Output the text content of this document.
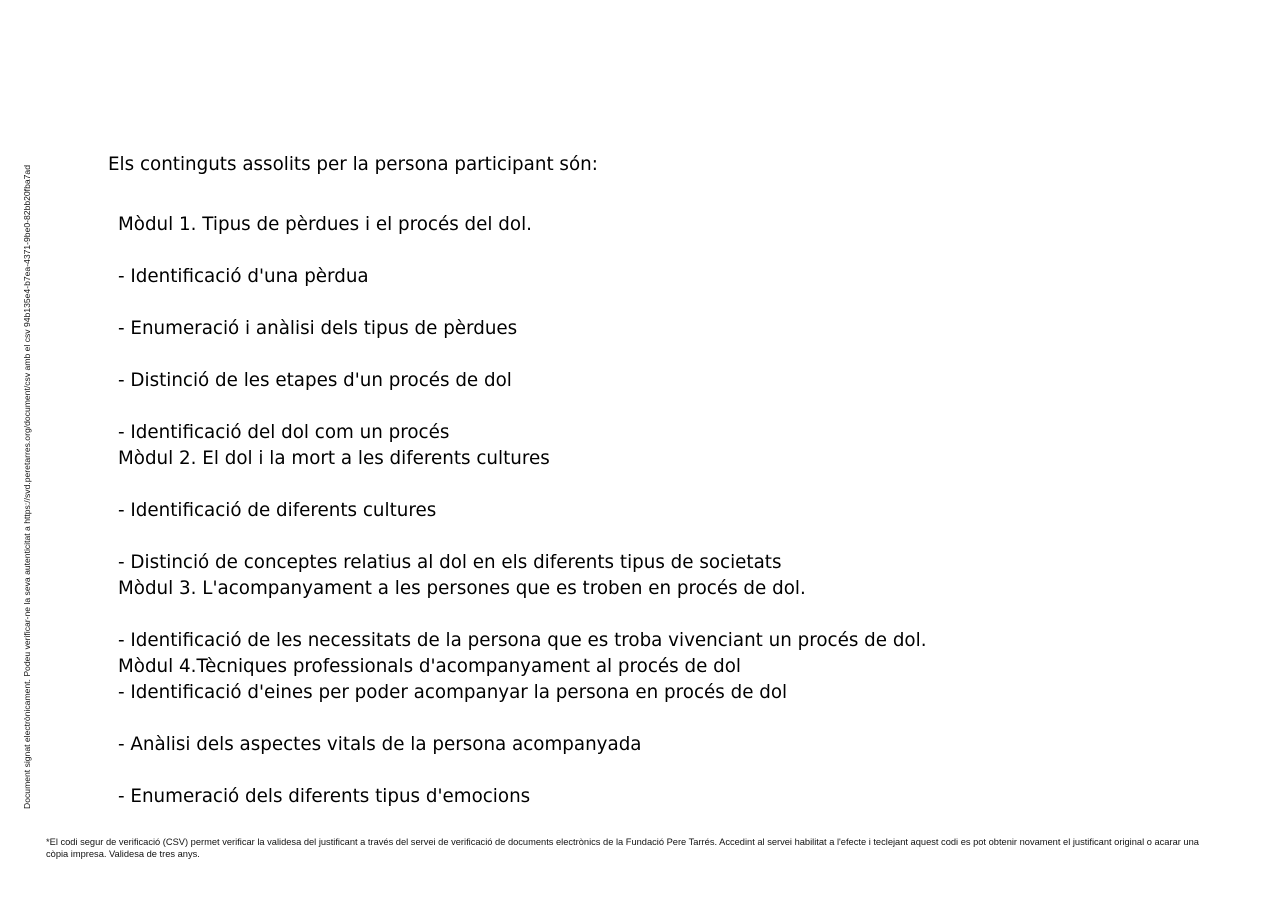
Document signat electrònicament. Podeu verificar-ne la seva autenticitat a https://svd.peretarres.org/document/csv amb el csv 94b135e4-b7ea-4371-9be0-82bb20fba7ad

Els continguts assolits per la persona participant són:

Mòdul 1. Tipus de pèrdues i el procés del dol.
- Identificació d'una pèrdua
- Enumeració i anàlisi dels tipus de pèrdues
- Distinció de les etapes d'un procés de dol
- Identificació del dol com un procés
Mòdul 2. El dol i la mort a les diferents cultures
- Identificació de diferents cultures
- Distinció de conceptes relatius al dol en els diferents tipus de societats
Mòdul 3. L'acompanyament a les persones que es troben en procés de dol.
- Identificació de les necessitats de la persona que es troba vivenciant un procés de dol.
Mòdul 4.Tècniques professionals d'acompanyament al procés de dol
- Identificació d'eines per poder acompanyar la persona en procés de dol
- Anàlisi dels aspectes vitals de la persona acompanyada
- Enumeració dels diferents tipus d'emocions
*El codi segur de verificació (CSV) permet verificar la validesa del justificant a través del servei de verificació de documents electrònics de la Fundació Pere Tarrés. Accedint al servei habilitat a l'efecte i teclejant aquest codi es pot obtenir novament el justificant original o acarar una còpia impresa. Validesa de tres anys.
